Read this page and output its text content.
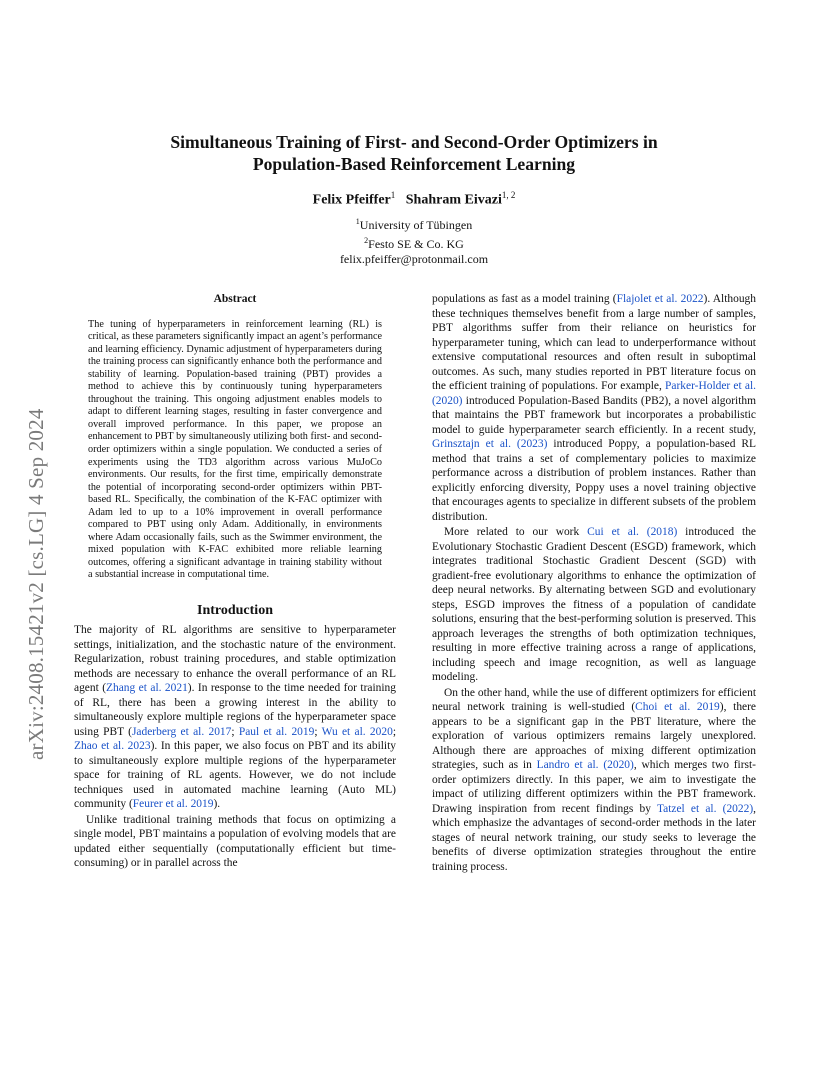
arXiv:2408.15421v2 [cs.LG] 4 Sep 2024
Simultaneous Training of First- and Second-Order Optimizers in
Population-Based Reinforcement Learning
Felix Pfeiffer$^1$ Shahram Eivazi$^{1, 2}$
$^1$University of Tübingen
$^2$Festo SE & Co. KG
felix.pfeiffer@protonmail.com
Abstract

The tuning of hyperparameters in reinforcement learning (RL) is critical, as these parameters significantly impact an agent’s performance and learning efficiency. Dynamic adjustment of hyperparameters during the training process can significantly enhance both the performance and stability of learning. Population-based training (PBT) provides a method to achieve this by continuously tuning hyperparameters throughout the training. This ongoing adjustment enables models to adapt to different learning stages, resulting in faster convergence and overall improved performance. In this paper, we propose an enhancement to PBT by simultaneously utilizing both first- and second-order optimizers within a single population. We conducted a series of experiments using the TD3 algorithm across various MuJoCo environments. Our results, for the first time, empirically demonstrate the potential of incorporating second-order optimizers within PBT-based RL. Specifically, the combination of the K-FAC optimizer with Adam led to up to a 10% improvement in overall performance compared to PBT using only Adam. Additionally, in environments where Adam occasionally fails, such as the Swimmer environment, the mixed population with K-FAC exhibited more reliable learning outcomes, offering a significant advantage in training stability without a substantial increase in computational time.

Introduction

The majority of RL algorithms are sensitive to hyperparameter settings, initialization, and the stochastic nature of the environment. Regularization, robust training procedures, and stable optimization methods are necessary to enhance the overall performance of an RL agent (Zhang et al. 2021). In response to the time needed for training of RL, there has been a growing interest in the ability to simultaneously explore multiple regions of the hyperparameter space using PBT (Jaderberg et al. 2017; Paul et al. 2019; Wu et al. 2020; Zhao et al. 2023). In this paper, we also focus on PBT and its ability to simultaneously explore multiple regions of the hyperparameter space for training of RL agents. However, we do not include techniques used in automated machine learning (Auto ML) community (Feurer et al. 2019).

Unlike traditional training methods that focus on optimizing a single model, PBT maintains a population of evolving models that are updated either sequentially (computationally efficient but time-consuming) or in parallel across the

populations as fast as a model training (Flajolet et al. 2022). Although these techniques themselves benefit from a large number of samples, PBT algorithms suffer from their reliance on heuristics for hyperparameter tuning, which can lead to underperformance without extensive computational resources and often result in suboptimal outcomes. As such, many studies reported in PBT literature focus on the efficient training of populations. For example, Parker-Holder et al. (2020) introduced Population-Based Bandits (PB2), a novel algorithm that maintains the PBT framework but incorporates a probabilistic model to guide hyperparameter search efficiently. In a recent study, Grinsztajn et al. (2023) introduced Poppy, a population-based RL method that trains a set of complementary policies to maximize performance across a distribution of problem instances. Rather than explicitly enforcing diversity, Poppy uses a novel training objective that encourages agents to specialize in different subsets of the problem distribution.

More related to our work Cui et al. (2018) introduced the Evolutionary Stochastic Gradient Descent (ESGD) framework, which integrates traditional Stochastic Gradient Descent (SGD) with gradient-free evolutionary algorithms to enhance the optimization of deep neural networks. By alternating between SGD and evolutionary steps, ESGD improves the fitness of a population of candidate solutions, ensuring that the best-performing solution is preserved. This approach leverages the strengths of both optimization techniques, resulting in more effective training across a range of applications, including speech and image recognition, as well as language modeling.

On the other hand, while the use of different optimizers for efficient neural network training is well-studied (Choi et al. 2019), there appears to be a significant gap in the PBT literature, where the exploration of various optimizers remains largely unexplored. Although there are approaches of mixing different optimization strategies, such as in Landro et al. (2020), which merges two first-order optimizers directly. In this paper, we aim to investigate the impact of utilizing different optimizers within the PBT framework. Drawing inspiration from recent findings by Tatzel et al. (2022), which emphasize the advantages of second-order methods in the later stages of neural network training, our study seeks to leverage the benefits of diverse optimization strategies throughout the entire training process.
